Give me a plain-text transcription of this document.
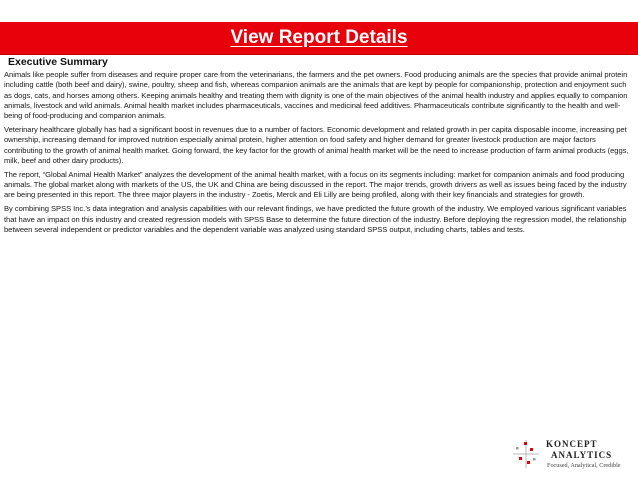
View Report Details
Executive Summary

Animals like people suffer from diseases and require proper care from the veterinarians, the farmers and the pet owners. Food producing animals are the species that provide animal protein including cattle (both beef and dairy), swine, poultry, sheep and fish, whereas companion animals are the animals that are kept by people for companionship, protection and enjoyment such as dogs, cats, and horses among others. Keeping animals healthy and treating them with dignity is one of the main objectives of the animal health industry and applies equally to companion animals, livestock and wild animals. Animal health market includes pharmaceuticals, vaccines and medicinal feed additives. Pharmaceuticals contribute significantly to the health and well-being of food-producing and companion animals.

Veterinary healthcare globally has had a significant boost in revenues due to a number of factors. Economic development and related growth in per capita disposable income, increasing pet ownership, increasing demand for improved nutrition especially animal protein, higher attention on food safety and higher demand for greater livestock production are major factors contributing to the growth of animal health market. Going forward, the key factor for the growth of animal health market will be the need to increase production of farm animal products (eggs, milk, beef and other dairy products).

The report, “Global Animal Health Market” analyzes the development of the animal health market, with a focus on its segments including: market for companion animals and food producing animals. The global market along with markets of the US, the UK and China are being discussed in the report. The major trends, growth drivers as well as issues being faced by the industry are being presented in this report. The three major players in the industry - Zoetis, Merck and Eli Lilly are being profiled, along with their key financials and strategies for growth.

By combining SPSS Inc.’s data integration and analysis capabilities with our relevant findings, we have predicted the future growth of the industry. We employed various significant variables that have an impact on this industry and created regression models with SPSS Base to determine the future direction of the industry. Before deploying the regression model, the relationship between several independent or predictor variables and the dependent variable was analyzed using standard SPSS output, including charts, tables and tests.

KONCEPT
ANALYTICS
Focused, Analytical, Credible
